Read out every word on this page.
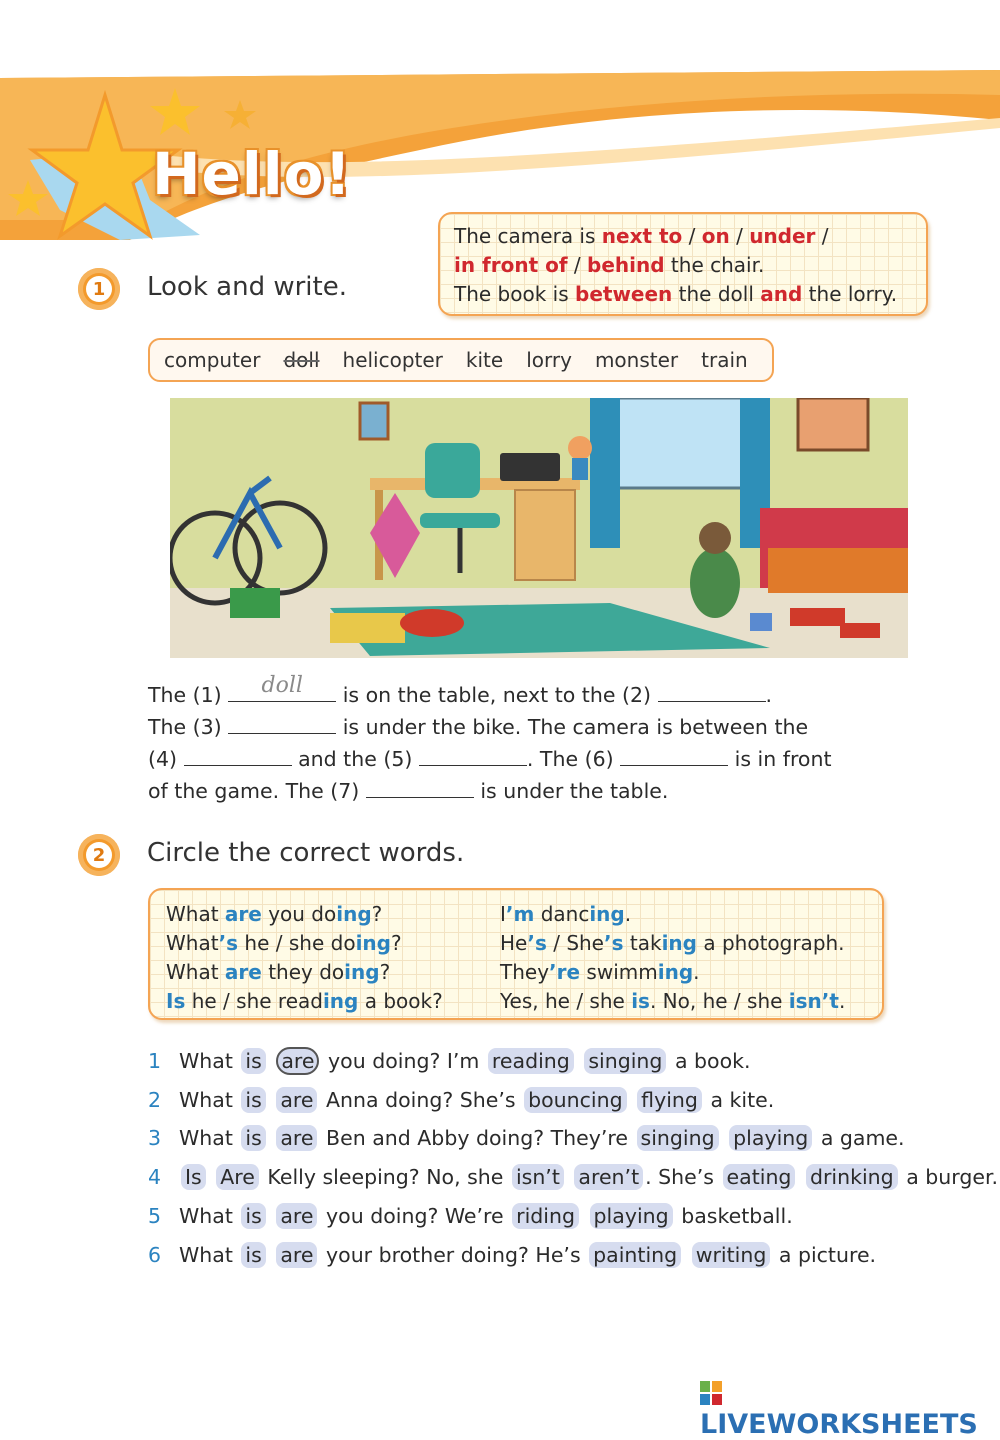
Hello!
1 Look and write.
The camera is next to / on / under /
in front of / behind the chair.
The book is between the doll and the lorry.
computer doll helicopter kite lorry monster train
The (1)	doll	is on the table, next to the (2)	.
The (3)	is under the bike. The camera is between the
(4)	and the (5)	. The (6)	is in front
of the game. The (7)	is under the table.
2 Circle the correct words.
What are you doing?
What’s he / she doing?
What are they doing?
Is he / she reading a book?
I’m dancing.
He’s / She’s taking a photograph.
They’re swimming.
Yes, he / she is. No, he / she isn’t.
1 What is are you doing? I’m reading singing a book.
2 What is are Anna doing? She’s bouncing flying a kite.
3 What is are Ben and Abby doing? They’re singing playing a game.
4 Is Are Kelly sleeping? No, she isn’t aren’t . She’s eating drinking a burger.
5 What is are you doing? We’re riding playing basketball.
6 What is are your brother doing? He’s painting writing a picture.
LIVEWORKSHEETS
